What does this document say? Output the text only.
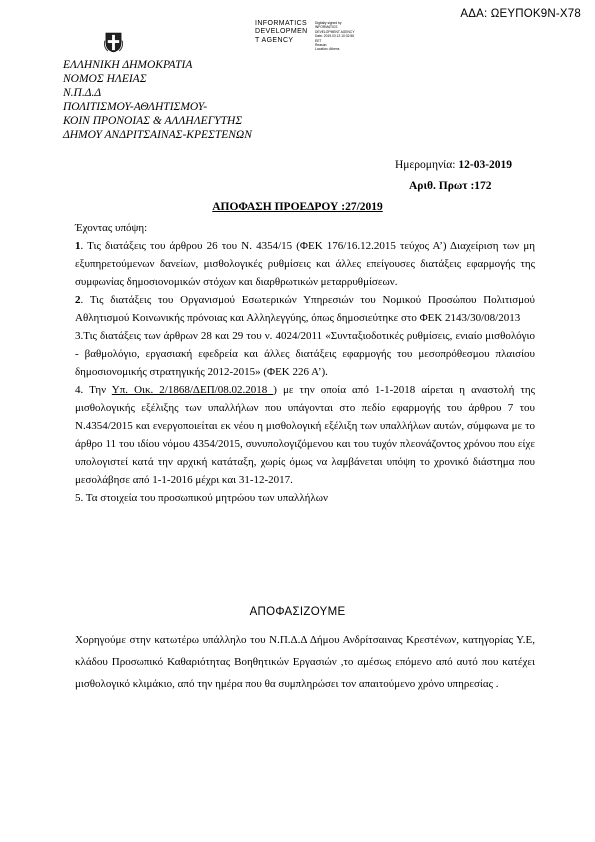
ΑΔΑ: ΩΕΥΠΟΚ9Ν-Χ78
INFORMATICS
DEVELOPMEN
T AGENCY
Digitally signed by
INFORMATICS
DEVELOPMENT AGENCY
Date: 2019.03.13 10:32:56
EET
Reason:
Location: Athens
ΕΛΛΗΝΙΚΗ ΔΗΜΟΚΡΑΤΙΑ
ΝΟΜΟΣ ΗΛΕΙΑΣ
Ν.Π.Δ.Δ
ΠΟΛΙΤΙΣΜΟΥ-ΑΘΛΗΤΙΣΜΟΥ-
ΚΟΙΝ ΠΡΟΝΟΙΑΣ & ΑΛΛΗΛΕΓΥΤΗΣ
ΔΗΜΟΥ ΑΝΔΡΙΤΣΑΙΝΑΣ-ΚΡΕΣΤΕΝΩΝ
Ημερομηνία: 12-03-2019
Αριθ. Πρωτ :172
ΑΠΟΦΑΣΗ ΠΡΟΕΔΡΟΥ :27/2019

Έχοντας υπόψη:

1. Τις διατάξεις του άρθρου 26 του Ν. 4354/15 (ΦΕΚ 176/16.12.2015 τεύχος Α’) Διαχείριση των μη εξυπηρετούμενων δανείων, μισθολογικές ρυθμίσεις και άλλες επείγουσες διατάξεις εφαρμογής της συμφωνίας δημοσιονομικών στόχων και διαρθρωτικών μεταρρυθμίσεων.

2. Τις διατάξεις του Οργανισμού Εσωτερικών Υπηρεσιών του Νομικού Προσώπου Πολιτισμού Αθλητισμού Κοινωνικής πρόνοιας και Αλληλεγγύης, όπως δημοσιεύτηκε στο ΦΕΚ 2143/30/08/2013

3.Τις διατάξεις των άρθρων 28 και 29 του ν. 4024/2011 «Συνταξιοδοτικές ρυθμίσεις, ενιαίο μισθολόγιο - βαθμολόγιο, εργασιακή εφεδρεία και άλλες διατάξεις εφαρμογής του μεσοπρόθεσμου πλαισίου δημοσιονομικής στρατηγικής 2012-2015» (ΦΕΚ 226 Α’).

4. Την Υπ. Οικ. 2/1868/ΔΕΠ/08.02.2018 ) με την οποία από 1-1-2018 αίρεται η αναστολή της μισθολογικής εξέλιξης των υπαλλήλων που υπάγονται στο πεδίο εφαρμογής του άρθρου 7 του Ν.4354/2015 και ενεργοποιείται εκ νέου η μισθολογική εξέλιξη των υπαλλήλων αυτών, σύμφωνα με το άρθρο 11 του ιδίου νόμου 4354/2015, συνυπολογιζόμενου και του τυχόν πλεονάζοντος χρόνου που είχε υπολογιστεί κατά την αρχική κατάταξη, χωρίς όμως να λαμβάνεται υπόψη το χρονικό διάστημα που μεσολάβησε από 1-1-2016 μέχρι και 31-12-2017.

5. Τα στοιχεία του προσωπικού μητρώου των υπαλλήλων

ΑΠΟΦΑΣΙΖΟΥΜΕ

Χορηγούμε στην κατωτέρω υπάλληλο του Ν.Π.Δ.Δ Δήμου Ανδρίτσαινας Κρεστένων, κατηγορίας Υ.Ε, κλάδου Προσωπικό Καθαριότητας Βοηθητικών Εργασιών ,το αμέσως επόμενο από αυτό που κατέχει μισθολογικό κλιμάκιο, από την ημέρα που θα συμπληρώσει τον απαιτούμενο χρόνο υπηρεσίας .
